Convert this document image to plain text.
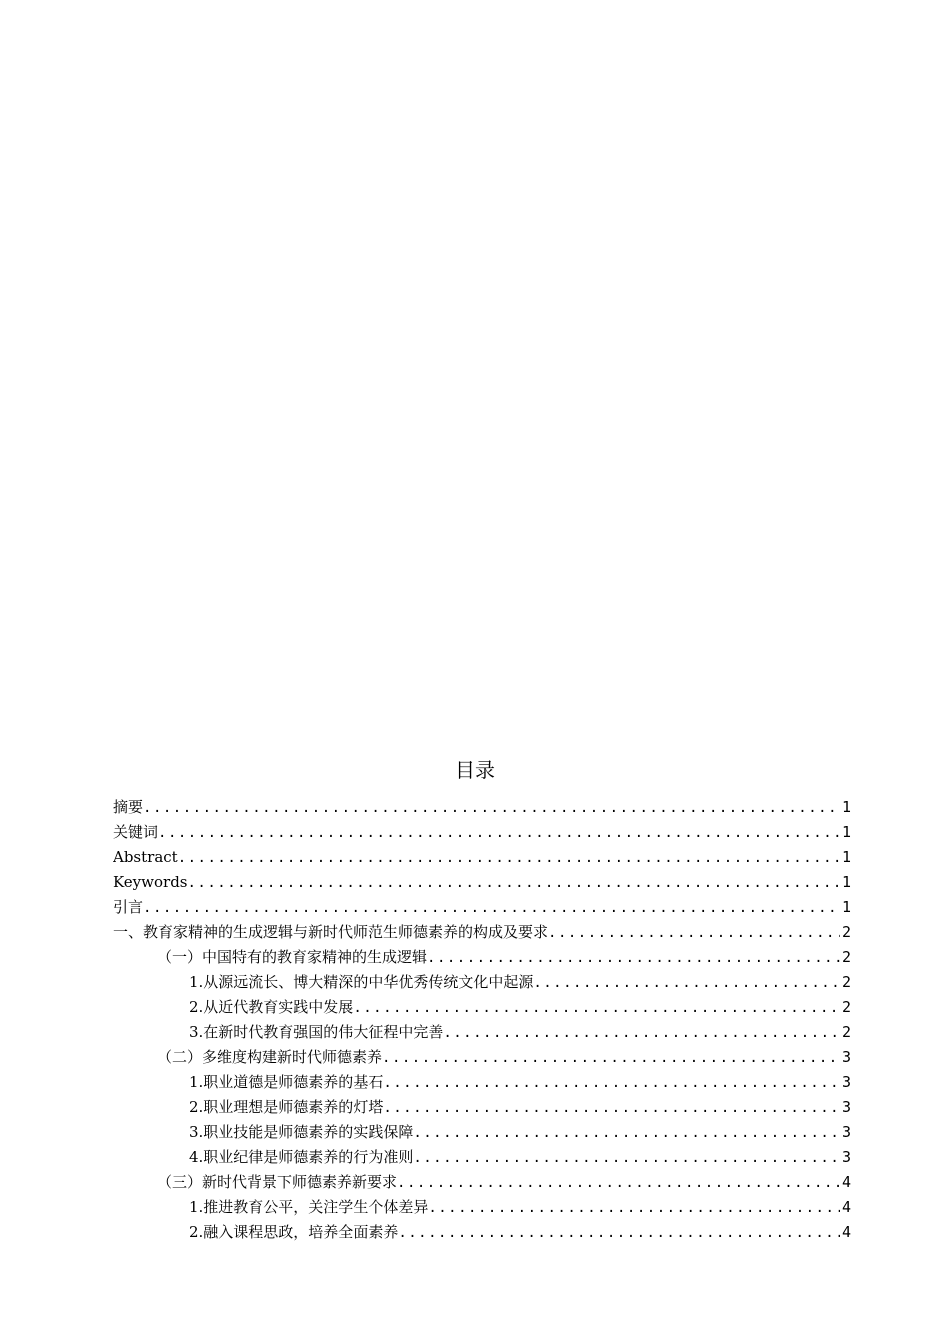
目录
摘要 .....	1
关键词 .....	1
Abstract .....	1
Keywords .....	1
引言 .....	1
一、教育家精神的生成逻辑与新时代师范生师德素养的构成及要求 .....	2
（一）中国特有的教育家精神的生成逻辑 .....	2
1.从源远流长、博大精深的中华优秀传统文化中起源 .....	2
2.从近代教育实践中发展 .....	2
3.在新时代教育强国的伟大征程中完善 .....	2
（二）多维度构建新时代师德素养 .....	3
1.职业道德是师德素养的基石 .....	3
2.职业理想是师德素养的灯塔 .....	3
3.职业技能是师德素养的实践保障 .....	3
4.职业纪律是师德素养的行为准则 .....	3
（三）新时代背景下师德素养新要求 .....	4
1.推进教育公平，关注学生个体差异 .....	4
2.融入课程思政，培养全面素养 .....	4
